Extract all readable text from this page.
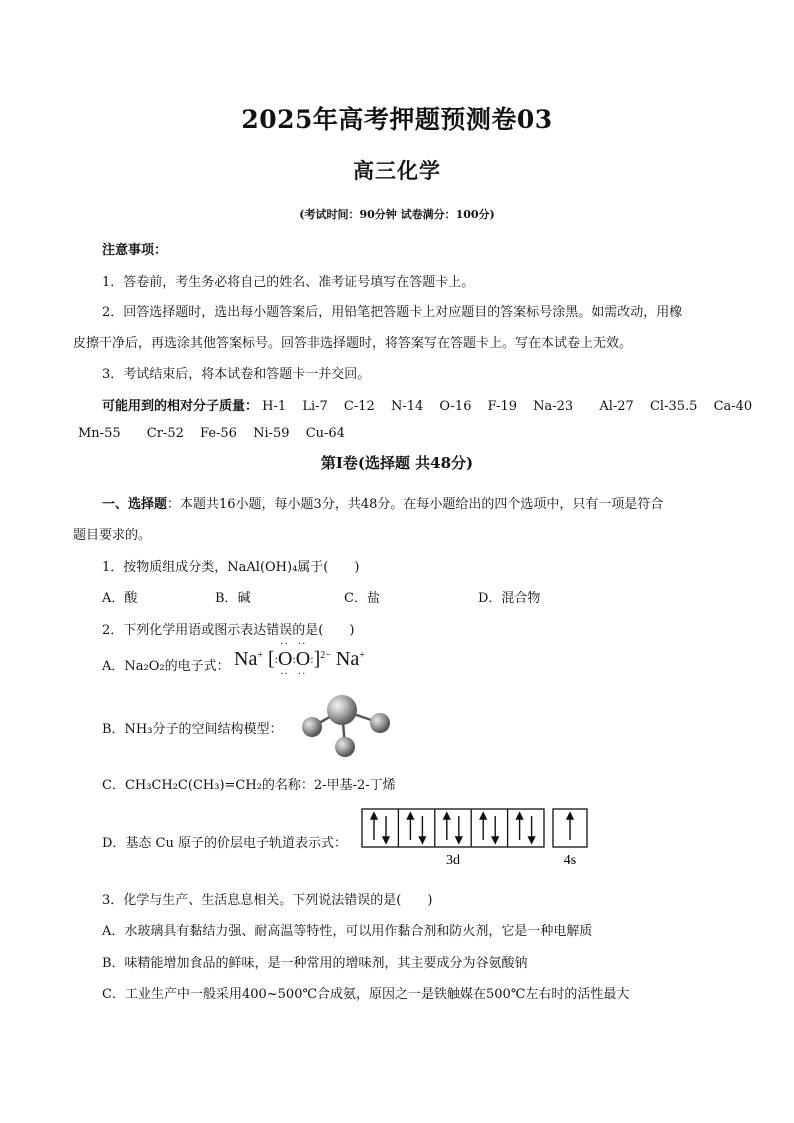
2025年高考押题预测卷03
高三化学
(考试时间：90分钟 试卷满分：100分)
注意事项：
1．答卷前，考生务必将自己的姓名、准考证号填写在答题卡上。
2．回答选择题时，选出每小题答案后，用铅笔把答题卡上对应题目的答案标号涂黑。如需改动，用橡
皮擦干净后，再选涂其他答案标号。回答非选择题时，将答案写在答题卡上。写在本试卷上无效。
3．考试结束后，将本试卷和答题卡一并交回。
可能用到的相对分子质量： H-1 Li-7 C-12 N-14 O-16 F-19 Na-23 Al-27 Cl-35.5 Ca-40
Mn-55 Cr-52 Fe-56 Ni-59 Cu-64
第Ⅰ卷(选择题 共48分)
一、选择题：本题共16小题，每小题3分，共48分。在每小题给出的四个选项中，只有一项是符合
题目要求的。
1．按物质组成分类，NaAl(OH)₄属于(　　)
A．酸	B．碱	C．盐	D．混合物
2．下列化学用语或图示表达错误的是(　　)
A．Na₂O₂的电子式： Na+ [:
··
O
··
:
··
O
··
:]$^{2-}$ Na+
B．NH₃分子的空间结构模型：
C．CH₃CH₂C(CH₃)=CH₂的名称：2-甲基-2-丁烯
D．基态 Cu 原子的价层电子轨道表示式：
3d	4s
3．化学与生产、生活息息相关。下列说法错误的是(　　)
A．水玻璃具有黏结力强、耐高温等特性，可以用作黏合剂和防火剂，它是一种电解质
B．味精能增加食品的鲜味，是一种常用的增味剂，其主要成分为谷氨酸钠
C．工业生产中一般采用400~500℃合成氨，原因之一是铁触媒在500℃左右时的活性最大
